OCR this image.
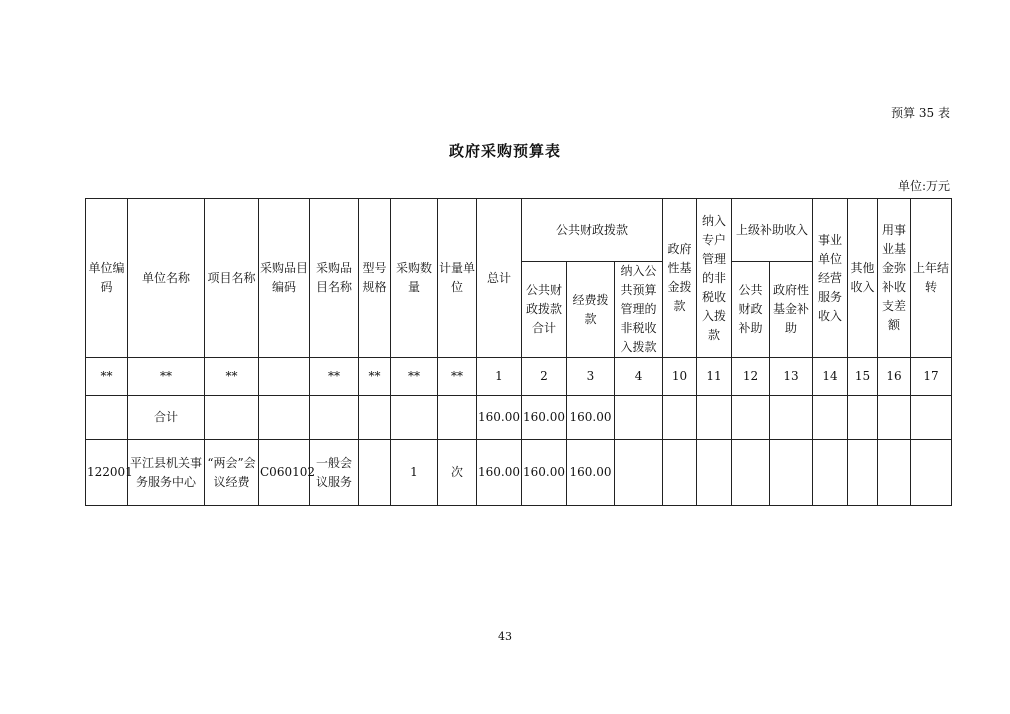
预算 35 表
政府采购预算表
单位:万元
单位编码	单位名称	项目名称	采购品目编码	采购品目名称	型号规格	采购数量	计量单位	总计	公共财政拨款			政府性基金拨款	纳入专户管理的非税收入拨款	上级补助收入		事业单位经营服务收入	其他收入	用事业基金弥补收支差额	上年结转
									公共财政拨款合计	经费拨款	纳入公共预算管理的非税收入拨款			公共财政补助	政府性基金补助				
**	**	**		**	**	**	**	1	2	3	4	10	11	12	13	14	15	16	17
	合计							160.00	160.00	160.00									
122001	平江县机关事务服务中心	“两会”会议经费	C060102	一般会议服务		1	次	160.00	160.00	160.00									
43
